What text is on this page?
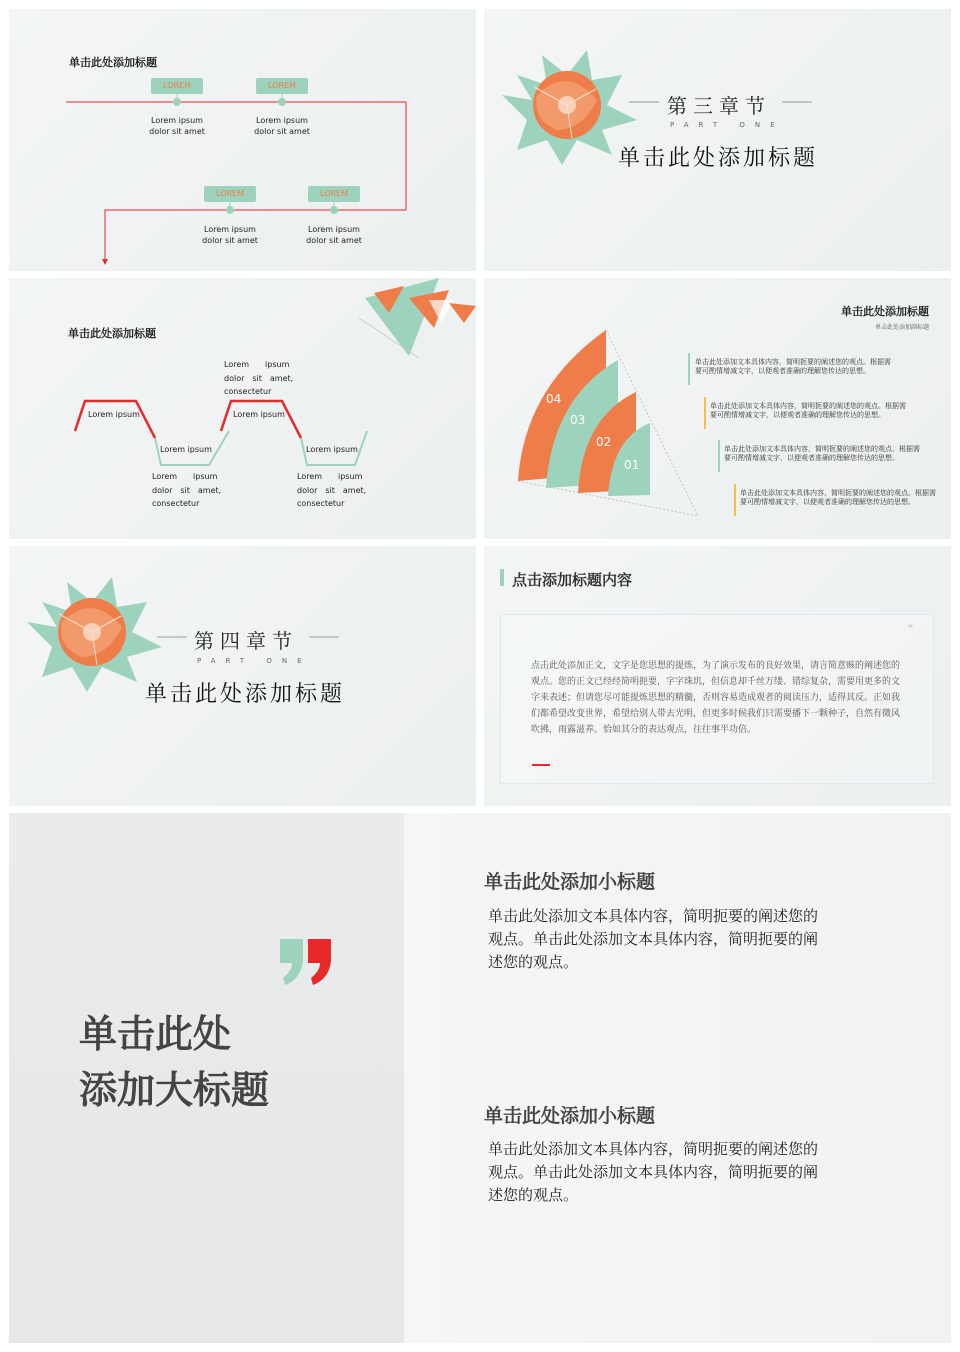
单击此处添加标题
LOREM	LOREM
LOREM	LOREM
Lorem ipsum
dolor sit amet
Lorem ipsum
dolor sit amet
Lorem ipsum
dolor sit amet
Lorem ipsum
dolor sit amet
第三章节
PART ONE
单击此处添加标题
单击此处添加标题
Lorem ipsum	Lorem ipsum
Lorem ipsum	Lorem ipsum
Lorem　　ipsum
dolor　sit　amet,
consectetur
Lorem　　ipsum
dolor　sit　amet,
consectetur
Lorem　　ipsum
dolor　sit　amet,
consectetur
04
03
02
01
单击此处添加标题
单击此处添加副标题
单击此处添加文本具体内容，简明扼要的阐述您的观点。根据需要可酌情增减文字，以便观者准确的理解您传达的思想。
单击此处添加文本具体内容，简明扼要的阐述您的观点。根据需要可酌情增减文字，以便观者准确的理解您传达的思想。
单击此处添加文本具体内容，简明扼要的阐述您的观点。根据需要可酌情增减文字，以便观者准确的理解您传达的思想。
单击此处添加文本具体内容，简明扼要的阐述您的观点。根据需要可酌情增减文字，以便观者准确的理解您传达的思想。
第四章节
PART ONE
单击此处添加标题
点击添加标题内容
❞
点击此处添加正文，文字是您思想的提炼，为了演示发布的良好效果，请言简意赅的阐述您的观点。您的正文已经经简明扼要，字字珠玑，但信息却千丝万缕、错综复杂，需要用更多的文字来表述；但请您尽可能提炼思想的精髓，否则容易造成观者的阅读压力，适得其反。正如我们都希望改变世界，希望给别人带去光明，但更多时候我们只需要播下一颗种子，自然有微风吹拂，雨露滋养。恰如其分的表达观点，往往事半功倍。
单击此处
添加大标题
单击此处添加小标题
单击此处添加文本具体内容，简明扼要的阐述您的观点。单击此处添加文本具体内容，简明扼要的阐述您的观点。
单击此处添加小标题
单击此处添加文本具体内容，简明扼要的阐述您的观点。单击此处添加文本具体内容，简明扼要的阐述您的观点。
